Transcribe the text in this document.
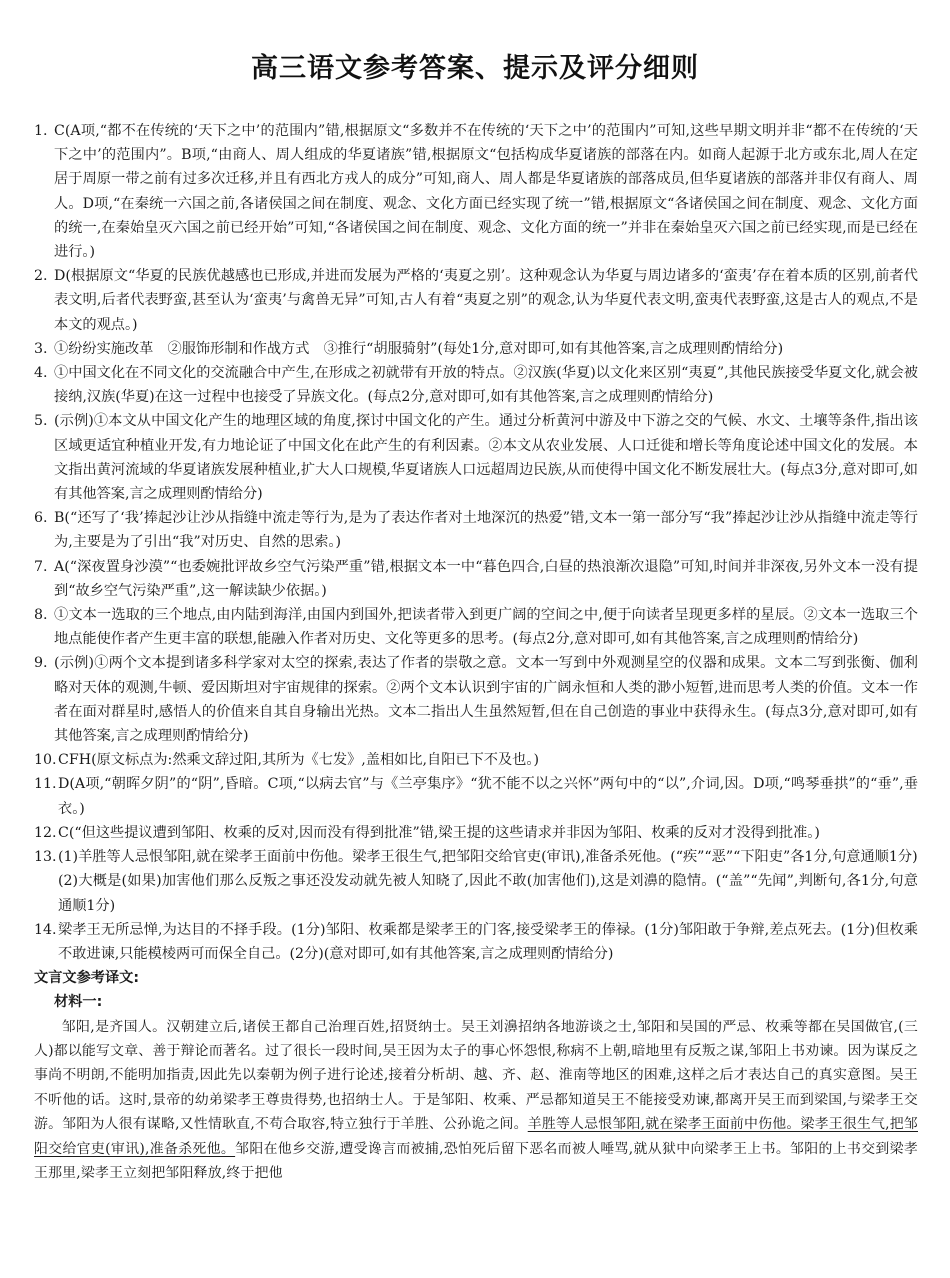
高三语文参考答案、提示及评分细则
1. C(A项,“都不在传统的‘天下之中’的范围内”错,根据原文“多数并不在传统的‘天下之中’的范围内”可知,这些早期文明并非“都不在传统的‘天下之中’的范围内”。B项,“由商人、周人组成的华夏诸族”错,根据原文“包括构成华夏诸族的部落在内。如商人起源于北方或东北,周人在定居于周原一带之前有过多次迁移,并且有西北方戎人的成分”可知,商人、周人都是华夏诸族的部落成员,但华夏诸族的部落并非仅有商人、周人。D项,“在秦统一六国之前,各诸侯国之间在制度、观念、文化方面已经实现了统一”错,根据原文“各诸侯国之间在制度、观念、文化方面的统一,在秦始皇灭六国之前已经开始”可知,“各诸侯国之间在制度、观念、文化方面的统一”并非在秦始皇灭六国之前已经实现,而是已经在进行。)
2. D(根据原文“华夏的民族优越感也已形成,并进而发展为严格的‘夷夏之别’。这种观念认为华夏与周边诸多的‘蛮夷’存在着本质的区别,前者代表文明,后者代表野蛮,甚至认为‘蛮夷’与禽兽无异”可知,古人有着“夷夏之别”的观念,认为华夏代表文明,蛮夷代表野蛮,这是古人的观点,不是本文的观点。)
3. ①纷纷实施改革　②服饰形制和作战方式　③推行“胡服骑射”(每处1分,意对即可,如有其他答案,言之成理则酌情给分)
4. ①中国文化在不同文化的交流融合中产生,在形成之初就带有开放的特点。②汉族(华夏)以文化来区别“夷夏”,其他民族接受华夏文化,就会被接纳,汉族(华夏)在这一过程中也接受了异族文化。(每点2分,意对即可,如有其他答案,言之成理则酌情给分)
5. (示例)①本文从中国文化产生的地理区域的角度,探讨中国文化的产生。通过分析黄河中游及中下游之交的气候、水文、土壤等条件,指出该区域更适宜种植业开发,有力地论证了中国文化在此产生的有利因素。②本文从农业发展、人口迁徙和增长等角度论述中国文化的发展。本文指出黄河流域的华夏诸族发展种植业,扩大人口规模,华夏诸族人口远超周边民族,从而使得中国文化不断发展壮大。(每点3分,意对即可,如有其他答案,言之成理则酌情给分)
6. B(“还写了‘我’捧起沙让沙从指缝中流走等行为,是为了表达作者对土地深沉的热爱”错,文本一第一部分写“我”捧起沙让沙从指缝中流走等行为,主要是为了引出“我”对历史、自然的思索。)
7. A(“深夜置身沙漠”“也委婉批评故乡空气污染严重”错,根据文本一中“暮色四合,白昼的热浪渐次退隐”可知,时间并非深夜,另外文本一没有提到“故乡空气污染严重”,这一解读缺少依据。)
8. ①文本一选取的三个地点,由内陆到海洋,由国内到国外,把读者带入到更广阔的空间之中,便于向读者呈现更多样的星辰。②文本一选取三个地点能使作者产生更丰富的联想,能融入作者对历史、文化等更多的思考。(每点2分,意对即可,如有其他答案,言之成理则酌情给分)
9. (示例)①两个文本提到诸多科学家对太空的探索,表达了作者的崇敬之意。文本一写到中外观测星空的仪器和成果。文本二写到张衡、伽利略对天体的观测,牛顿、爱因斯坦对宇宙规律的探索。②两个文本认识到宇宙的广阔永恒和人类的渺小短暂,进而思考人类的价值。文本一作者在面对群星时,感悟人的价值来自其自身输出光热。文本二指出人生虽然短暂,但在自己创造的事业中获得永生。(每点3分,意对即可,如有其他答案,言之成理则酌情给分)
10. CFH(原文标点为:然乘文辞过阳,其所为《七发》,盖相如比,自阳已下不及也。)
11. D(A项,“朝晖夕阴”的“阴”,昏暗。C项,“以病去官”与《兰亭集序》“犹不能不以之兴怀”两句中的“以”,介词,因。D项,“鸣琴垂拱”的“垂”,垂衣。)
12. C(“但这些提议遭到邹阳、枚乘的反对,因而没有得到批准”错,梁王提的这些请求并非因为邹阳、枚乘的反对才没得到批准。)
13. (1)羊胜等人忌恨邹阳,就在梁孝王面前中伤他。梁孝王很生气,把邹阳交给官吏(审讯),准备杀死他。(“疾”“恶”“下阳吏”各1分,句意通顺1分)
(2)大概是(如果)加害他们那么反叛之事还没发动就先被人知晓了,因此不敢(加害他们),这是刘濞的隐情。(“盖”“先闻”,判断句,各1分,句意通顺1分)
14. 梁孝王无所忌惮,为达目的不择手段。(1分)邹阳、枚乘都是梁孝王的门客,接受梁孝王的俸禄。(1分)邹阳敢于争辩,差点死去。(1分)但枚乘不敢进谏,只能模棱两可而保全自己。(2分)(意对即可,如有其他答案,言之成理则酌情给分)
文言文参考译文:
材料一:
邹阳,是齐国人。汉朝建立后,诸侯王都自己治理百姓,招贤纳士。吴王刘濞招纳各地游谈之士,邹阳和吴国的严忌、枚乘等都在吴国做官,(三人)都以能写文章、善于辩论而著名。过了很长一段时间,吴王因为太子的事心怀怨恨,称病不上朝,暗地里有反叛之谋,邹阳上书劝谏。因为谋反之事尚不明朗,不能明加指责,因此先以秦朝为例子进行论述,接着分析胡、越、齐、赵、淮南等地区的困难,这样之后才表达自己的真实意图。吴王不听他的话。这时,景帝的幼弟梁孝王尊贵得势,也招纳士人。于是邹阳、枚乘、严忌都知道吴王不能接受劝谏,都离开吴王而到梁国,与梁孝王交游。邹阳为人很有谋略,又性情耿直,不苟合取容,特立独行于羊胜、公孙诡之间。羊胜等人忌恨邹阳,就在梁孝王面前中伤他。梁孝王很生气,把邹阳交给官吏(审讯),准备杀死他。邹阳在他乡交游,遭受谗言而被捕,恐怕死后留下恶名而被人唾骂,就从狱中向梁孝王上书。邹阳的上书交到梁孝王那里,梁孝王立刻把邹阳释放,终于把他
